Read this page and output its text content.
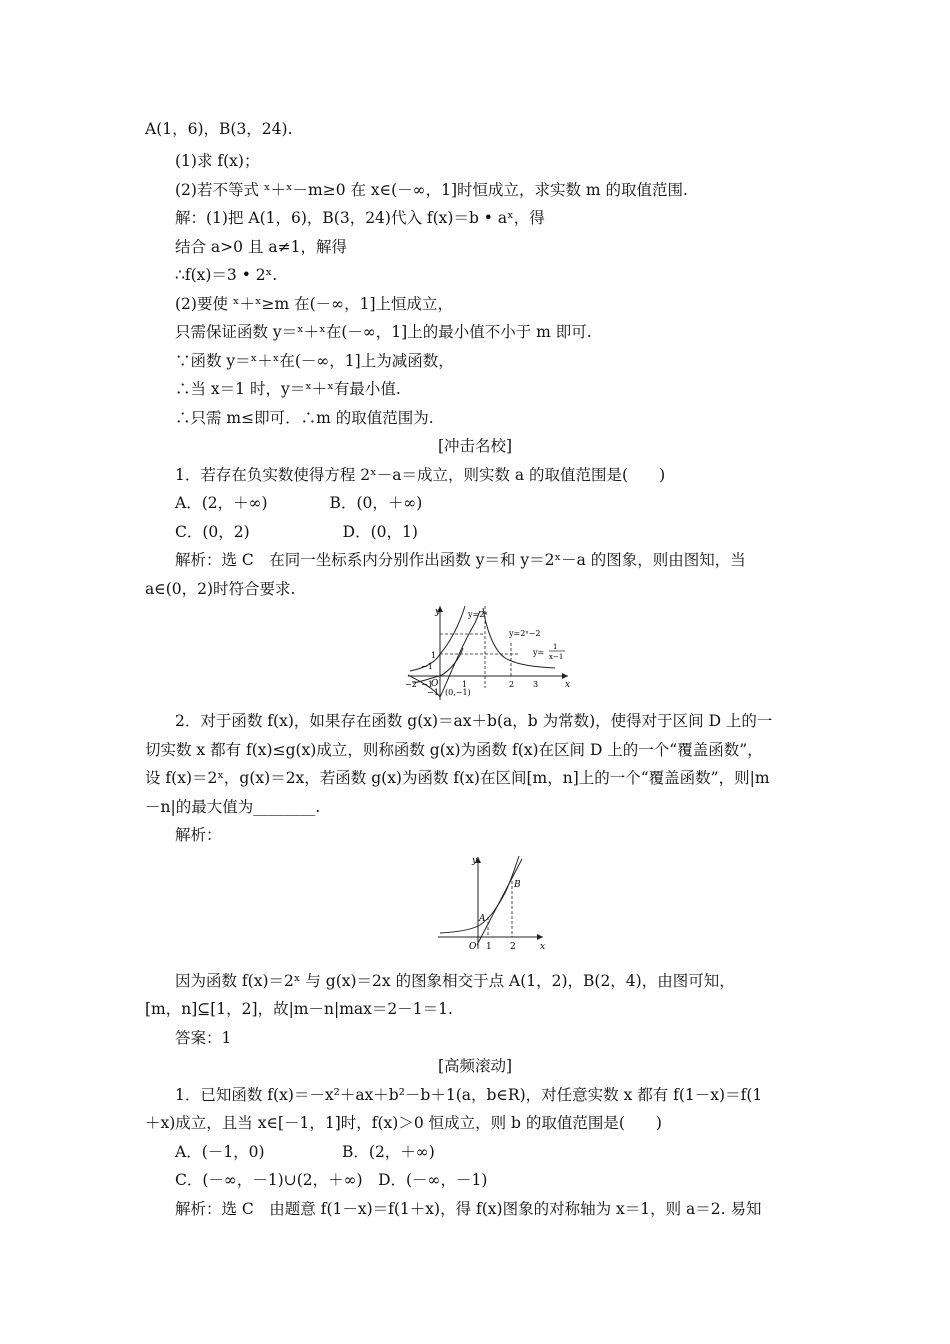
A(1，6)，B(3，24).
(1)求 f(x)；
(2)若不等式 ˣ＋ˣ－m≥0 在 x∈(－∞，1]时恒成立，求实数 m 的取值范围.
解：(1)把 A(1，6)，B(3，24)代入 f(x)＝b • aˣ，得
结合 a>0 且 a≠1，解得
∴f(x)＝3 • 2ˣ.
(2)要使 ˣ＋ˣ≥m 在(－∞，1]上恒成立，
只需保证函数 y＝ˣ＋ˣ在(－∞，1]上的最小值不小于 m 即可.
∵函数 y＝ˣ＋ˣ在(－∞，1]上为减函数，
∴当 x＝1 时，y＝ˣ＋ˣ有最小值.
∴只需 m≤即可．∴m 的取值范围为.
[冲击名校]
1．若存在负实数使得方程 2ˣ－a＝成立，则实数 a 的取值范围是(　　)
A．(2，＋∞)　　　　B．(0，＋∞)
C．(0，2)　　　　　　D．(0，1)
解析：选 C　在同一坐标系内分别作出函数 y＝和 y＝2ˣ－a 的图象，则由图知，当
a∈(0，2)时符合要求.
y
x
O
y=2ˣ
y=2ˣ−2
y=
1
x−1
−2 −1	1	2 3
1
−1
−1
(0,−1)
2．对于函数 f(x)，如果存在函数 g(x)＝ax＋b(a，b 为常数)，使得对于区间 D 上的一
切实数 x 都有 f(x)≤g(x)成立，则称函数 g(x)为函数 f(x)在区间 D 上的一个“覆盖函数”，
设 f(x)＝2ˣ，g(x)＝2x，若函数 g(x)为函数 f(x)在区间[m，n]上的一个“覆盖函数”，则|m
－n|的最大值为________.
解析：
y
x
O
A
B
1 2
因为函数 f(x)＝2ˣ 与 g(x)＝2x 的图象相交于点 A(1，2)，B(2，4)，由图可知，
[m，n]⊆[1，2]，故|m－n|max＝2－1＝1.
答案：1
[高频滚动]
1．已知函数 f(x)＝－x²＋ax＋b²－b＋1(a，b∈R)，对任意实数 x 都有 f(1－x)＝f(1
＋x)成立，且当 x∈[－1，1]时，f(x)＞0 恒成立，则 b 的取值范围是(　　)
A．(－1，0)　　　　　B．(2，＋∞)
C．(－∞，－1)∪(2，＋∞)　D．(－∞，－1)
解析：选 C　由题意 f(1－x)＝f(1＋x)，得 f(x)图象的对称轴为 x＝1，则 a＝2. 易知
